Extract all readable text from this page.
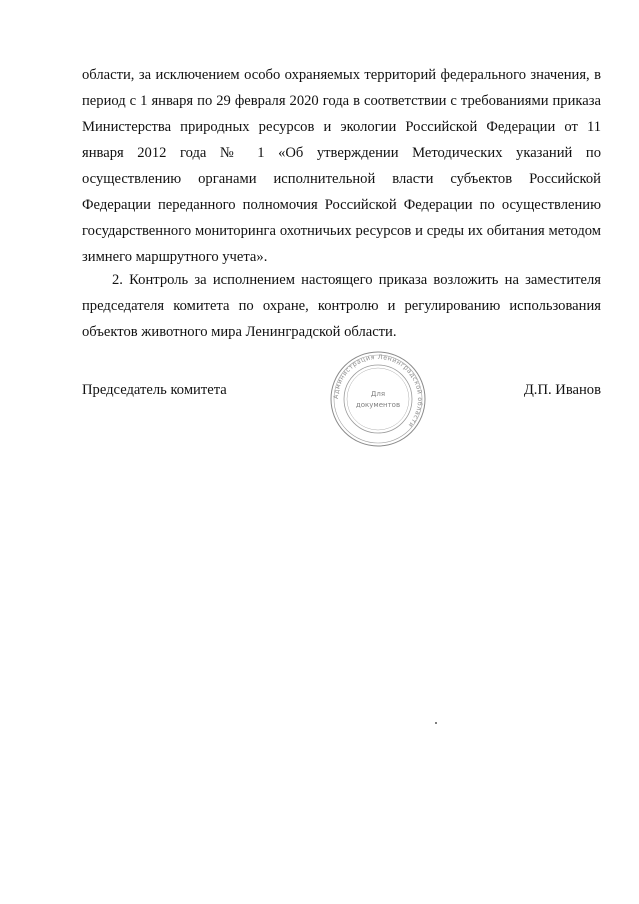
области, за исключением особо охраняемых территорий федерального значения, в период с 1 января по 29 февраля 2020 года в соответствии с требованиями приказа Министерства природных ресурсов и экологии Российской Федерации от 11 января 2012 года № 1 «Об утверждении Методических указаний по осуществлению органами исполнительной власти субъектов Российской Федерации переданного полномочия Российской Федерации по осуществлению государственного мониторинга охотничьих ресурсов и среды их обитания методом зимнего маршрутного учета».

2. Контроль за исполнением настоящего приказа возложить на заместителя председателя комитета по охране, контролю и регулированию использования объектов животного мира Ленинградской области.

Председатель комитета	Д.П. Иванов
Администрация Ленинградской области
Для
документов
